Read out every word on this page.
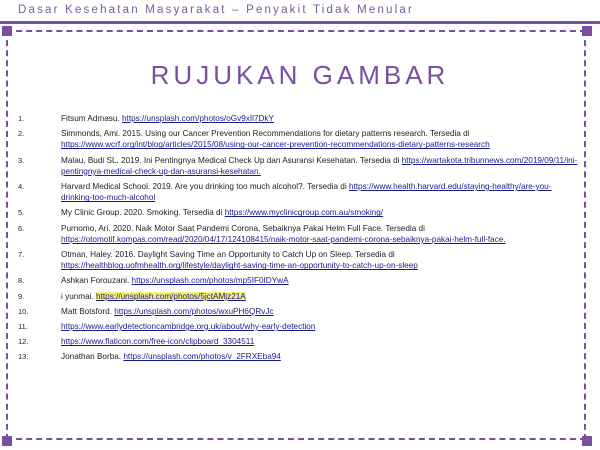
Dasar Kesehatan Masyarakat – Penyakit Tidak Menular
RUJUKAN GAMBAR
1.	Fitsum Admasu. https://unsplash.com/photos/oGv9xIl7DkY
2.	Simmonds, Ami. 2015. Using our Cancer Prevention Recommendations for dietary patterns research. Tersedia di https://www.wcrf.org/int/blog/articles/2015/08/using-our-cancer-prevention-recommendations-dietary-patterns-research
3.	Malau, Budi SL. 2019. Ini Pentingnya Medical Check Up dan Asuransi Kesehatan. Tersedia di https://wartakota.tribunnews.com/2019/09/11/ini-pentingnya-medical-check-up-dan-asuransi-kesehatan.
4.	Harvard Medical School. 2019. Are you drinking too much alcohol?. Tersedia di https://www.health.harvard.edu/staying-healthy/are-you-drinking-too-much-alcohol
5.	My Clinic Group. 2020. Smoking. Tersedia di https://www.myclinicgroup.com.au/smoking/
6.	Purnomo, Ari. 2020. Naik Motor Saat Pandemi Corona, Sebaiknya Pakai Helm Full Face. Tersedia di https://otomotif.kompas.com/read/2020/04/17/124108415/naik-motor-saat-pandemi-corona-sebaiknya-pakai-helm-full-face.
7.	Otman, Haley. 2016. Daylight Saving Time an Opportunity to Catch Up on Sleep. Tersedia di https://healthblog.uofmhealth.org/lifestyle/daylight-saving-time-an-opportunity-to-catch-up-on-sleep
8.	Ashkan Forouzani. https://unsplash.com/photos/mp5IF0IDYwA
9.	i yunmai. https://unsplash.com/photos/5jctAMjz21A
10.	Matt Botsford. https://unsplash.com/photos/wxuPH6QRvJc
11.	https://www.earlydetectioncambridge.org.uk/about/why-early-detection
12.	https://www.flaticon.com/free-icon/clipboard_3304511
13.	Jonathan Borba. https://unsplash.com/photos/v_2FRXEba94
